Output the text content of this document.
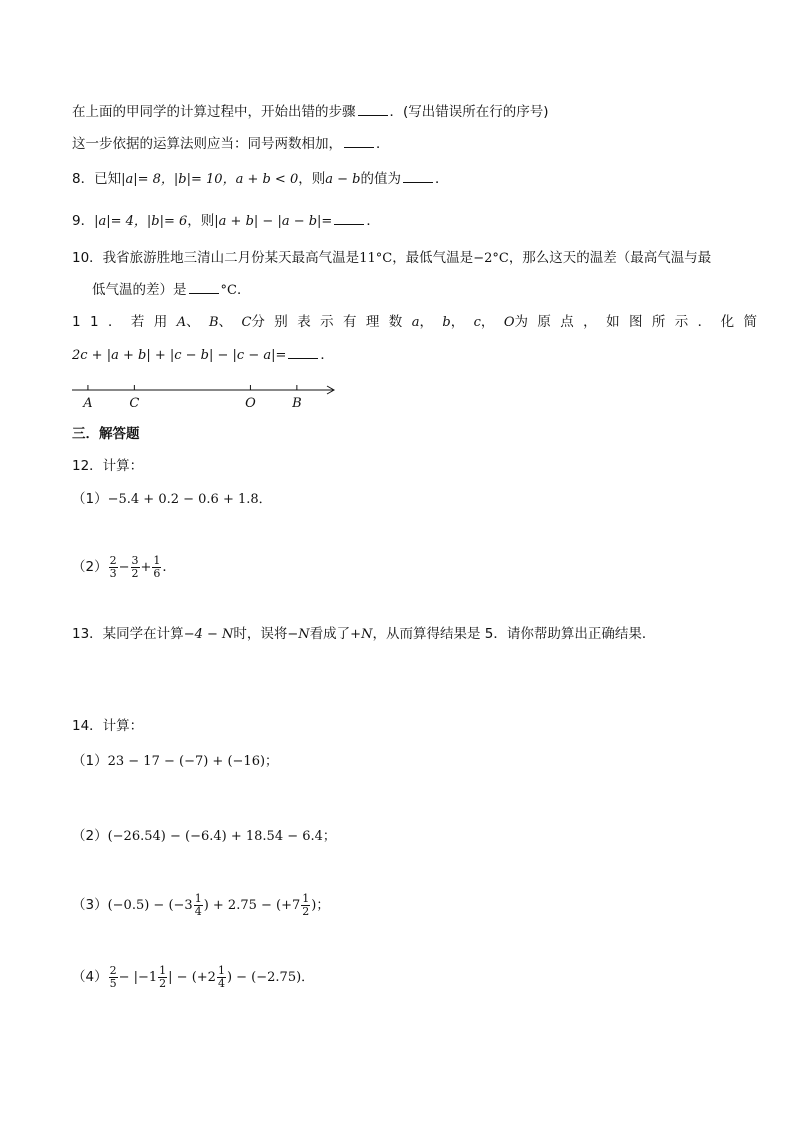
在上面的甲同学的计算过程中，开始出错的步骤	．(写出错误所在行的序号)
这一步依据的运算法则应当：同号两数相加，	．
8．已知|a|= 8，|b|= 10，a + b < 0，则a − b的值为	．
9．|a|= 4，|b|= 6，则|a + b| − |a − b|=	．
10．我省旅游胜地三清山二月份某天最高气温是11°C，最低气温是−2°C，那么这天的温差（最高气温与最
低气温的差）是	°C．
11．若用A、B、C分别表示有理数a，b，c，O为原点，如图所示．化简
2c + |a + b| + |c − b| − |c − a|=	．
A	C	O	B
三．解答题
12．计算：
（1）−5.4 + 0.2 − 0.6 + 1.8．
$(2) \frac{2}{3} - \frac{3}{2} + \frac{1}{6}$ ．
13．某同学在计算−4 − N时，误将−N看成了+N，从而算得结果是 5．请你帮助算出正确结果．
14．计算：
（1）23 − 17 − (−7) + (−16)；
（2）(−26.54) − (−6.4) + 18.54 − 6.4；
$(3)(-0.5) - (-3 \frac{1}{4}$ ) + $2.75 - (+7 \frac{1}{2}$ )；
$(4) \frac{2}{5} - |-1 \frac{1}{2}$ | − ($+2 \frac{1}{4}$ ) − (−2.75)．
